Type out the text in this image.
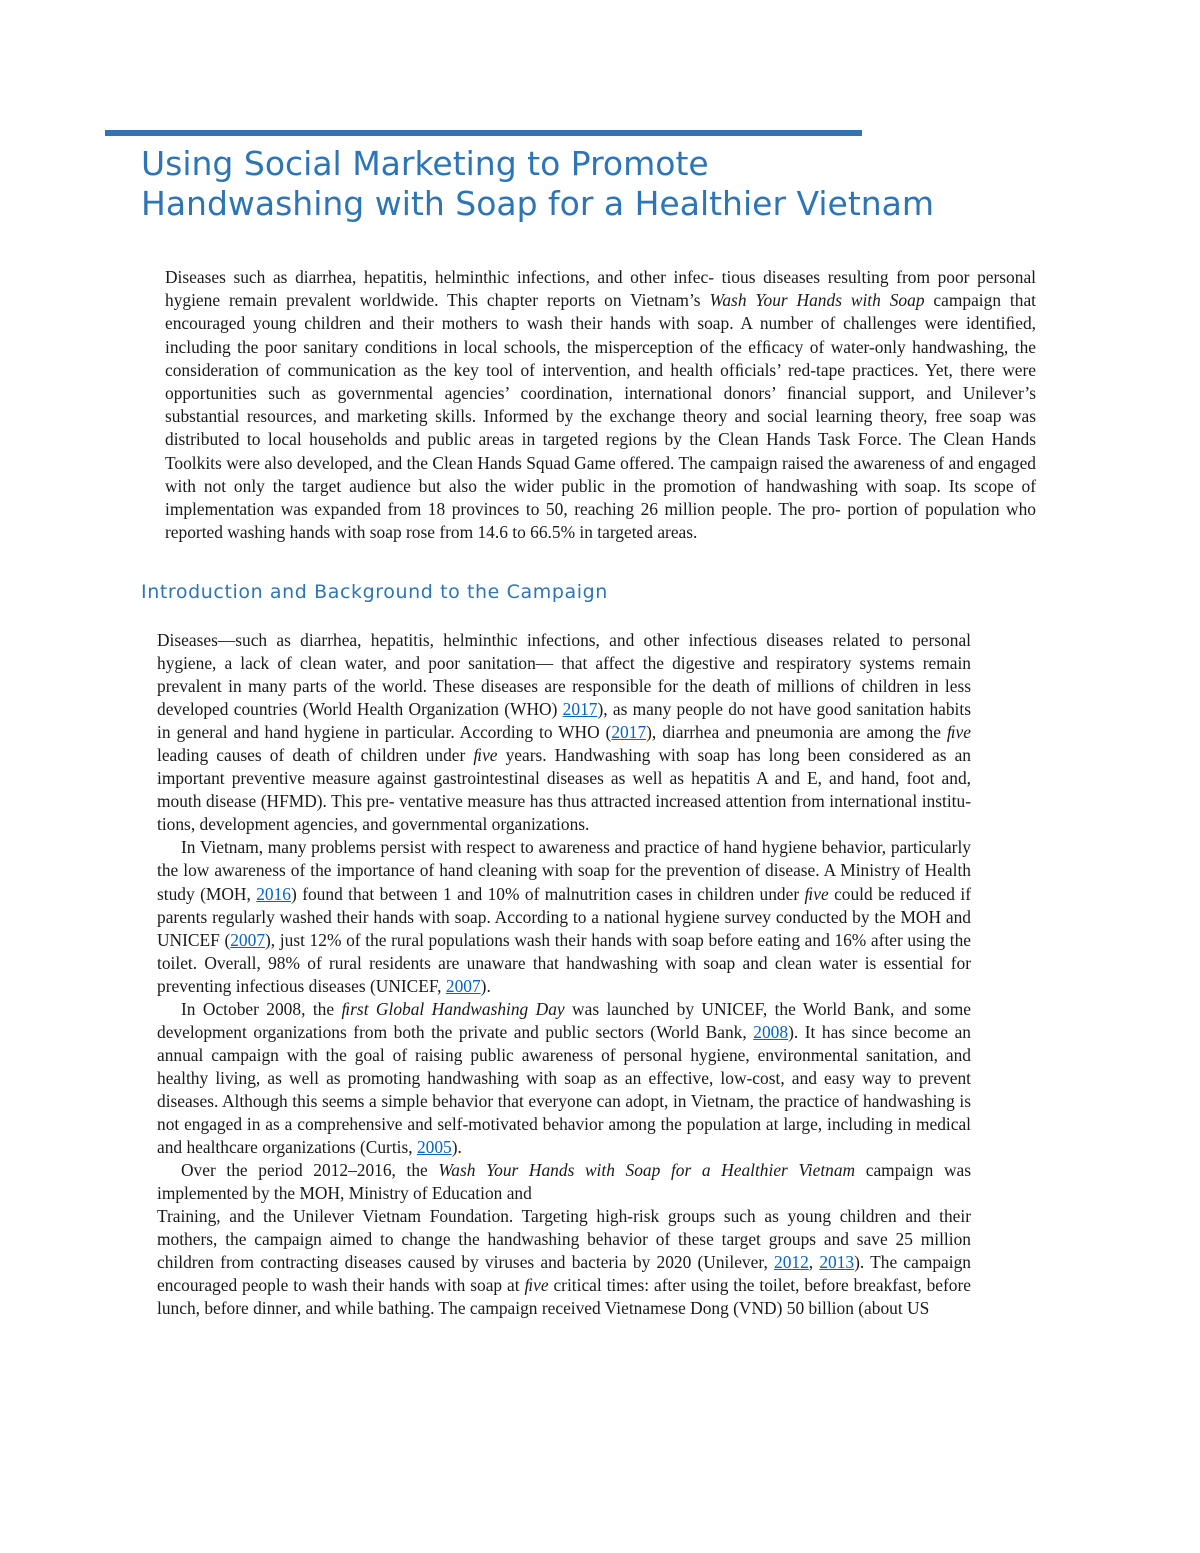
Using Social Marketing to Promote
Handwashing with Soap for a Healthier Vietnam

Diseases such as diarrhea, hepatitis, helminthic infections, and other infec- tious diseases resulting from poor personal hygiene remain prevalent worldwide. This chapter reports on Vietnam’s Wash Your Hands with Soap campaign that encouraged young children and their mothers to wash their hands with soap. A number of challenges were identiﬁed, including the poor sanitary conditions in local schools, the misperception of the efﬁcacy of water-only handwashing, the consideration of communication as the key tool of intervention, and health ofﬁcials’ red-tape practices. Yet, there were opportunities such as governmental agencies’ coordination, international donors’ ﬁnancial support, and Unilever’s substantial resources, and marketing skills. Informed by the exchange theory and social learning theory, free soap was distributed to local households and public areas in targeted regions by the Clean Hands Task Force. The Clean Hands Toolkits were also developed, and the Clean Hands Squad Game offered. The campaign raised the awareness of and engaged with not only the target audience but also the wider public in the promotion of handwashing with soap. Its scope of implementation was expanded from 18 provinces to 50, reaching 26 million people. The pro- portion of population who reported washing hands with soap rose from 14.6 to 66.5% in targeted areas.

Introduction and Background to the Campaign

Diseases—such as diarrhea, hepatitis, helminthic infections, and other infectious diseases related to personal hygiene, a lack of clean water, and poor sanitation— that affect the digestive and respiratory systems remain prevalent in many parts of the world. These diseases are responsible for the death of millions of children in less developed countries (World Health Organization (WHO) 2017), as many people do not have good sanitation habits in general and hand hygiene in particular. According to WHO (2017), diarrhea and pneumonia are among the ﬁve leading causes of death of children under ﬁve years. Handwashing with soap has long been considered as an important preventive measure against gastrointestinal diseases as well as hepatitis A and E, and hand, foot and, mouth disease (HFMD). This pre- ventative measure has thus attracted increased attention from international institu- tions, development agencies, and governmental organizations.

In Vietnam, many problems persist with respect to awareness and practice of hand hygiene behavior, particularly the low awareness of the importance of hand cleaning with soap for the prevention of disease. A Ministry of Health study (MOH, 2016) found that between 1 and 10% of malnutrition cases in children under ﬁve could be reduced if parents regularly washed their hands with soap. According to a national hygiene survey conducted by the MOH and UNICEF (2007), just 12% of the rural populations wash their hands with soap before eating and 16% after using the toilet. Overall, 98% of rural residents are unaware that handwashing with soap and clean water is essential for preventing infectious diseases (UNICEF, 2007).

In October 2008, the ﬁrst Global Handwashing Day was launched by UNICEF, the World Bank, and some development organizations from both the private and public sectors (World Bank, 2008). It has since become an annual campaign with the goal of raising public awareness of personal hygiene, environmental sanitation, and healthy living, as well as promoting handwashing with soap as an effective, low-cost, and easy way to prevent diseases. Although this seems a simple behavior that everyone can adopt, in Vietnam, the practice of handwashing is not engaged in as a comprehensive and self-motivated behavior among the population at large, including in medical and healthcare organizations (Curtis, 2005).

Over the period 2012–2016, the Wash Your Hands with Soap for a Healthier Vietnam campaign was implemented by the MOH, Ministry of Education and

Training, and the Unilever Vietnam Foundation. Targeting high-risk groups such as young children and their mothers, the campaign aimed to change the handwashing behavior of these target groups and save 25 million children from contracting diseases caused by viruses and bacteria by 2020 (Unilever, 2012, 2013). The campaign encouraged people to wash their hands with soap at ﬁve critical times: after using the toilet, before breakfast, before lunch, before dinner, and while bathing. The campaign received Vietnamese Dong (VND) 50 billion (about US
